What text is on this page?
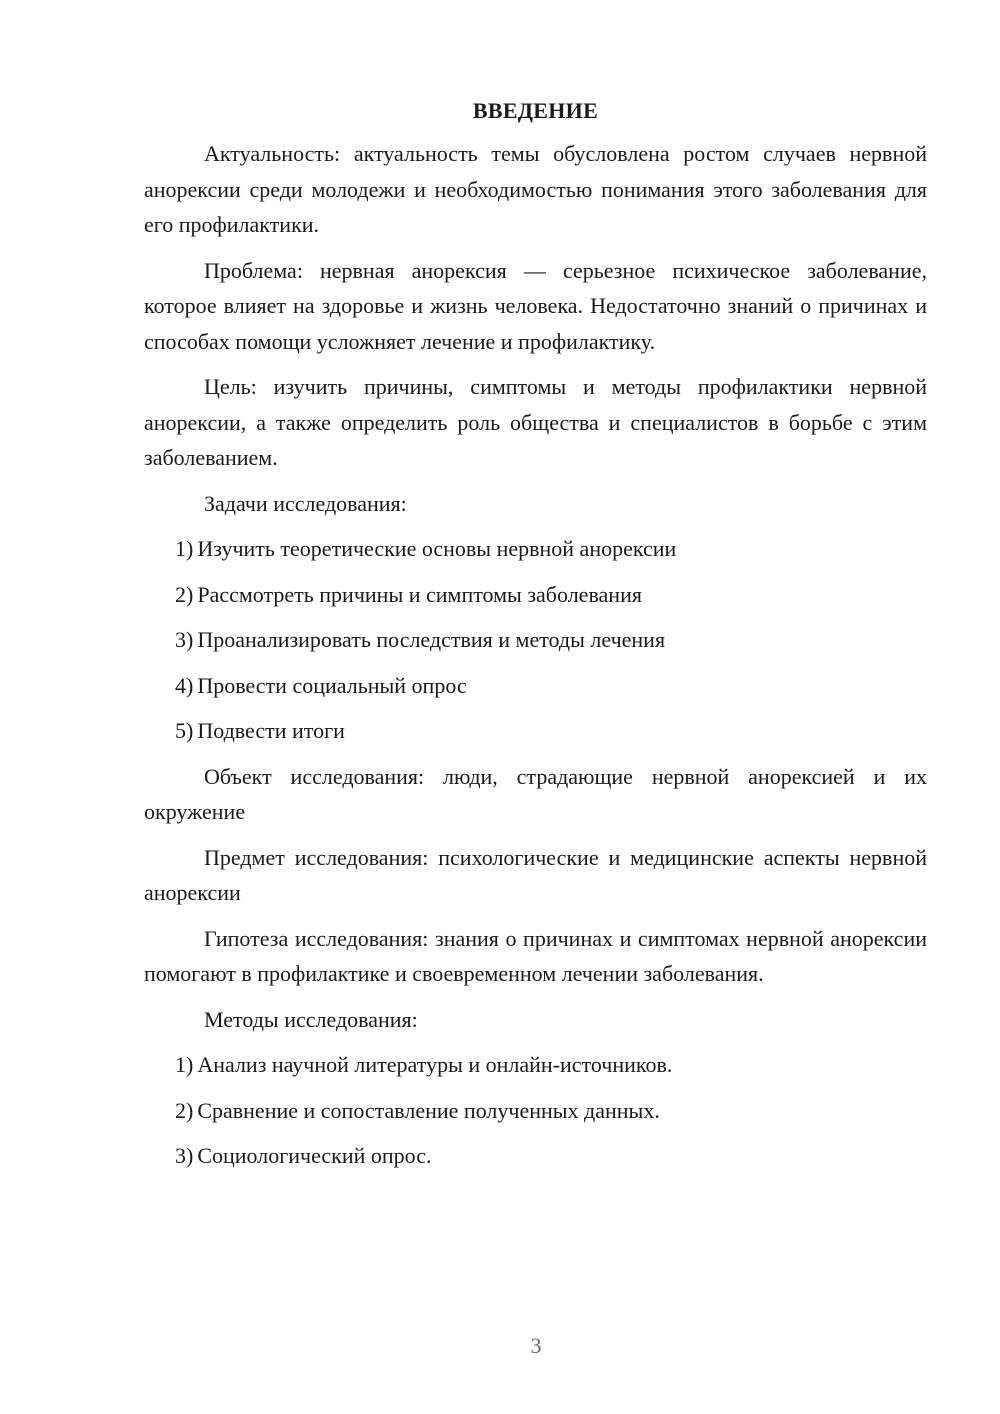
ВВЕДЕНИЕ

Актуальность: актуальность темы обусловлена ростом случаев нервной анорексии среди молодежи и необходимостью понимания этого заболевания для его профилактики.

Проблема: нервная анорексия — серьезное психическое заболевание, которое влияет на здоровье и жизнь человека. Недостаточно знаний о причинах и способах помощи усложняет лечение и профилактику.

Цель: изучить причины, симптомы и методы профилактики нервной анорексии, а также определить роль общества и специалистов в борьбе с этим заболеванием.

Задачи исследования:

1) Изучить теоретические основы нервной анорексии
2) Рассмотреть причины и симптомы заболевания
3) Проанализировать последствия и методы лечения
4) Провести социальный опрос
5) Подвести итоги

Объект исследования: люди, страдающие нервной анорексией и их окружение

Предмет исследования: психологические и медицинские аспекты нервной анорексии

Гипотеза исследования: знания о причинах и симптомах нервной анорексии помогают в профилактике и своевременном лечении заболевания.

Методы исследования:

1) Анализ научной литературы и онлайн-источников.
2) Сравнение и сопоставление полученных данных.
3) Социологический опрос.
3
